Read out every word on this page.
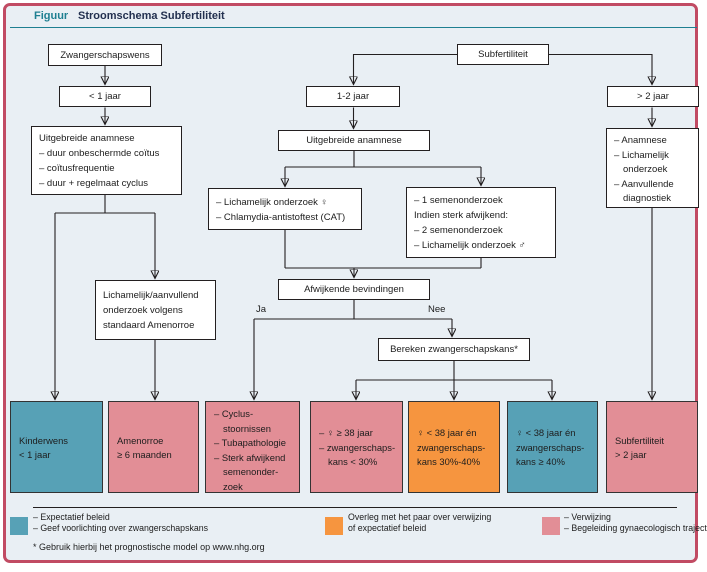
Figuur Stroomschema Subfertiliteit
Zwangerschapswens
< 1 jaar
Subfertiliteit
1-2 jaar	> 2 jaar
Uitgebreide anamnese
– duur onbeschermde coïtus
– coïtusfrequentie
– duur + regelmaat cyclus
Lichamelijk/aanvullend
onderzoek volgens
standaard Amenorroe
Uitgebreide anamnese
– Lichamelijk onderzoek ♀
– Chlamydia-antistoftest (CAT)
– 1 semenonderzoek
Indien sterk afwijkend:
– 2 semenonderzoek
– Lichamelijk onderzoek ♂
Afwijkende bevindingen
Ja	Nee
Bereken zwangerschapskans*
– Anamnese
– Lichamelijk
onderzoek
– Aanvullende
diagnostiek
Kinderwens
< 1 jaar
Amenorroe
≥ 6 maanden
– Cyclus-
stoornissen
– Tubapathologie
– Sterk afwijkend
semenonder-
zoek
– ♀ ≥ 38 jaar
– zwangerschaps-
kans < 30%
♀ < 38 jaar én
zwangerschaps-
kans 30%-40%
♀ < 38 jaar én
zwangerschaps-
kans ≥ 40%
Subfertiliteit
> 2 jaar
– Expectatief beleid
– Geef voorlichting over zwangerschapskans
Overleg met het paar over verwijzing
of expectatief beleid
– Verwijzing
– Begeleiding gynaecologisch traject
* Gebruik hierbij het prognostische model op www.nhg.org
